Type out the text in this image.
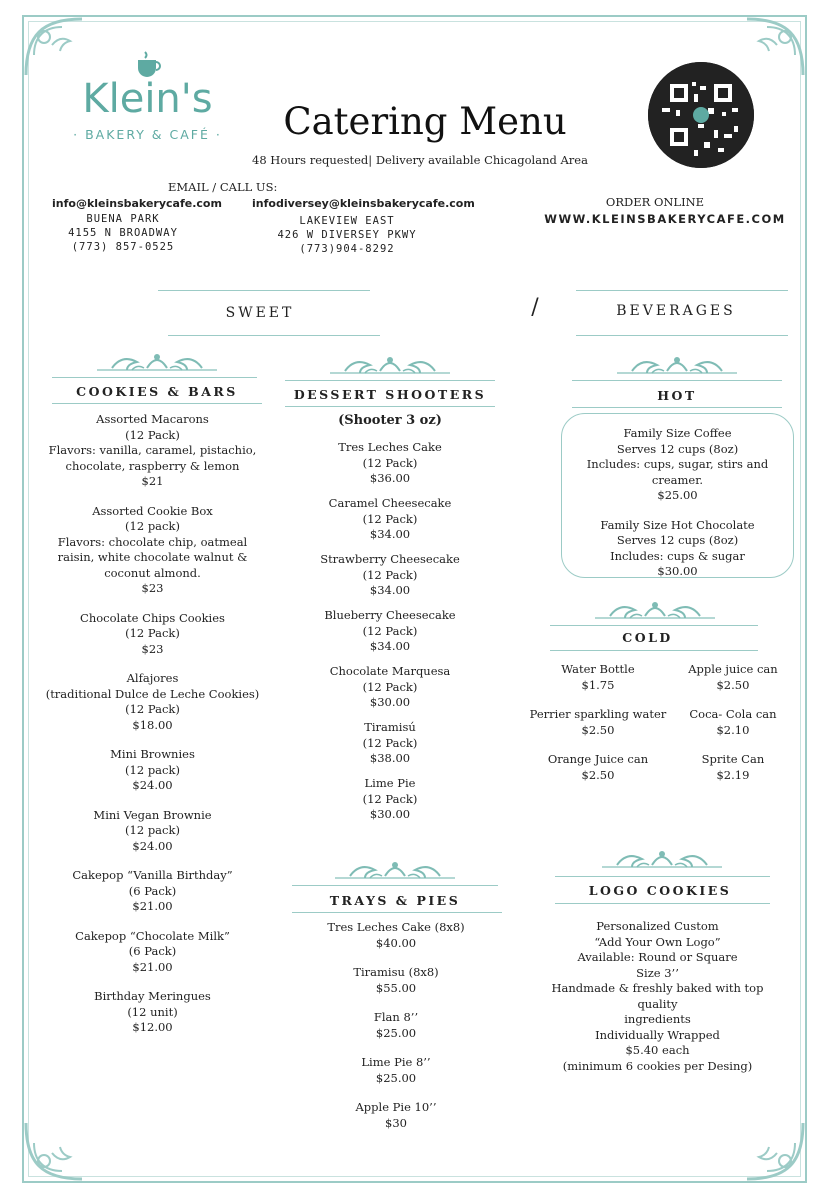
Klein's
· BAKERY & CAFÉ ·	Catering Menu
48 Hours requested| Delivery available Chicagoland Area
EMAIL / CALL US:
info@kleinsbakerycafe.com
BUENA PARK
4155 N BROADWAY
(773) 857-0525
infodiversey@kleinsbakerycafe.com
LAKEVIEW EAST
426 W DIVERSEY PKWY
(773)904-8292
ORDER ONLINE
WWW.KLEINSBAKERYCAFE.COM
SWEET	/	BEVERAGES
COOKIES & BARS
Assorted Macarons
(12 Pack)
Flavors: vanilla, caramel, pistachio,
chocolate, raspberry & lemon
$21
Assorted Cookie Box
(12 pack)
Flavors: chocolate chip, oatmeal
raisin, white chocolate walnut &
coconut almond.
$23
Chocolate Chips Cookies
(12 Pack)
$23
Alfajores
(traditional Dulce de Leche Cookies)
(12 Pack)
$18.00
Mini Brownies
(12 pack)
$24.00
Mini Vegan Brownie
(12 pack)
$24.00
Cakepop “Vanilla Birthday”
(6 Pack)
$21.00
Cakepop “Chocolate Milk”
(6 Pack)
$21.00
Birthday Meringues
(12 unit)
$12.00
DESSERT SHOOTERS
(Shooter 3 oz)
Tres Leches Cake
(12 Pack)
$36.00
Caramel Cheesecake
(12 Pack)
$34.00
Strawberry Cheesecake
(12 Pack)
$34.00
Blueberry Cheesecake
(12 Pack)
$34.00
Chocolate Marquesa
(12 Pack)
$30.00
Tiramisú
(12 Pack)
$38.00
Lime Pie
(12 Pack)
$30.00
TRAYS & PIES
Tres Leches Cake (8x8)
$40.00
Tiramisu (8x8)
$55.00
Flan 8’’
$25.00
Lime Pie 8’’
$25.00
Apple Pie 10’’
$30
HOT
Family Size Coffee
Serves 12 cups (8oz)
Includes: cups, sugar, stirs and creamer.
$25.00
Family Size Hot Chocolate
Serves 12 cups (8oz)
Includes: cups & sugar
$30.00
COLD
Water Bottle
$1.75
Apple juice can
$2.50
Perrier sparkling water
$2.50
Coca- Cola can
$2.10
Orange Juice can
$2.50
Sprite Can
$2.19
LOGO COOKIES
Personalized Custom
“Add Your Own Logo”
Available: Round or Square
Size 3’’
Handmade & freshly baked with top quality
ingredients
Individually Wrapped
$5.40 each
(minimum 6 cookies per Desing)
